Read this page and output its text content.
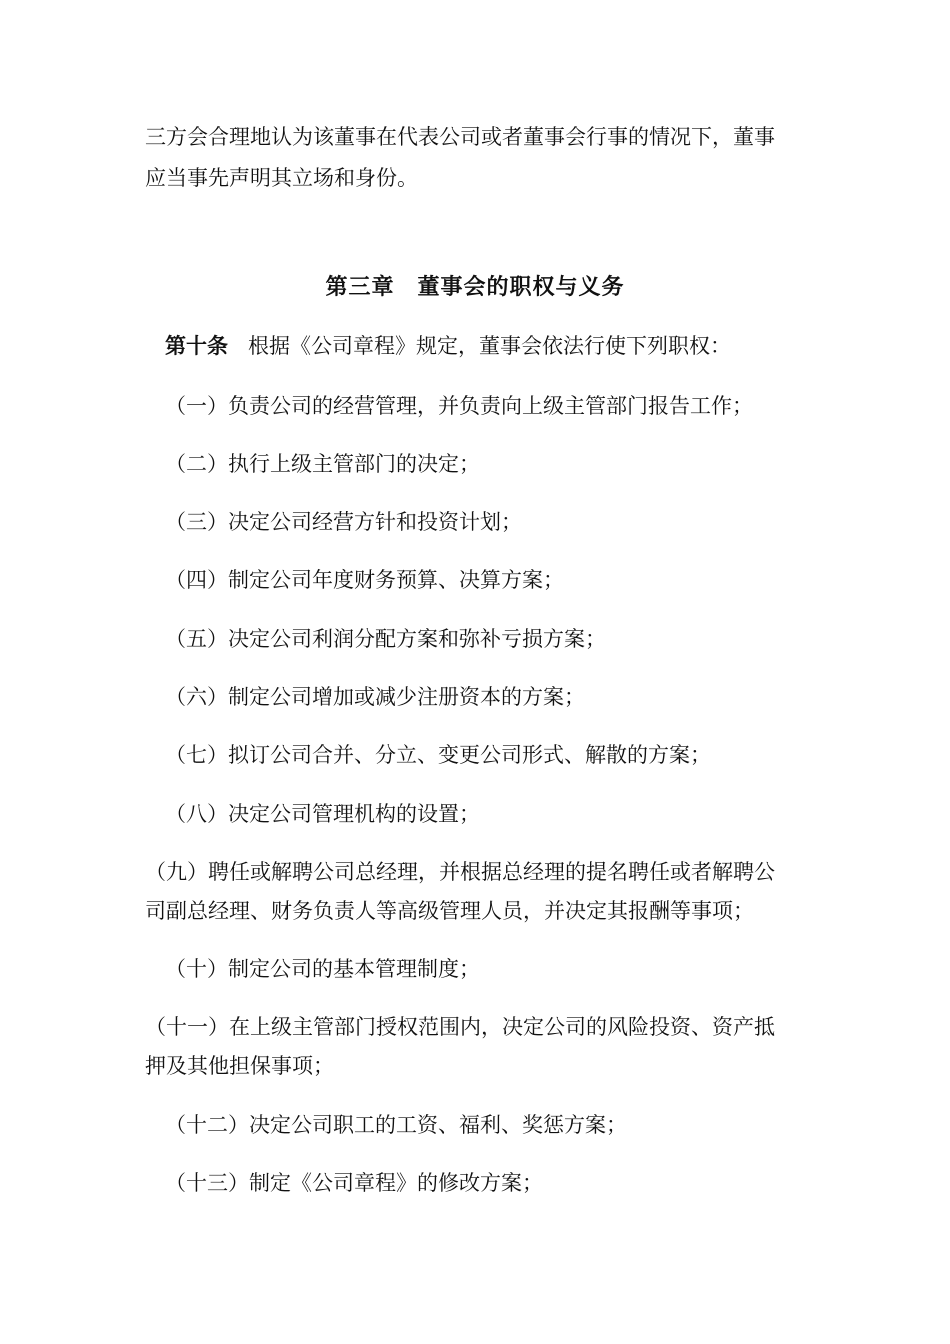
三方会合理地认为该董事在代表公司或者董事会行事的情况下，董事
应当事先声明其立场和身份。
第三章　董事会的职权与义务
第十条 根据《公司章程》规定，董事会依法行使下列职权：
（一）负责公司的经营管理，并负责向上级主管部门报告工作；
（二）执行上级主管部门的决定；
（三）决定公司经营方针和投资计划；
（四）制定公司年度财务预算、决算方案；
（五）决定公司利润分配方案和弥补亏损方案；
（六）制定公司增加或减少注册资本的方案；
（七）拟订公司合并、分立、变更公司形式、解散的方案；
（八）决定公司管理机构的设置；
（九）聘任或解聘公司总经理，并根据总经理的提名聘任或者解聘公
司副总经理、财务负责人等高级管理人员，并决定其报酬等事项；
（十）制定公司的基本管理制度；
（十一）在上级主管部门授权范围内，决定公司的风险投资、资产抵
押及其他担保事项；
（十二）决定公司职工的工资、福利、奖惩方案；
（十三）制定《公司章程》的修改方案；
